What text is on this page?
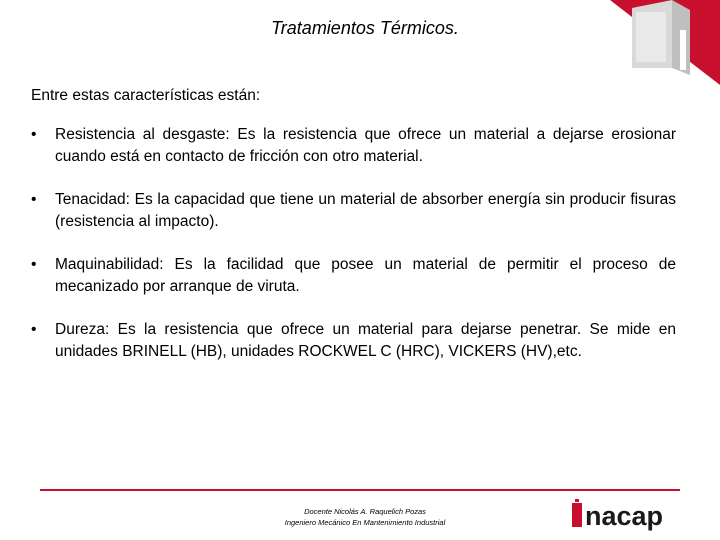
Tratamientos Térmicos.
Entre estas características están:
• Resistencia al desgaste: Es la resistencia que ofrece un material a dejarse erosionar cuando está en contacto de fricción con otro material.
• Tenacidad: Es la capacidad que tiene un material de absorber energía sin producir fisuras (resistencia al impacto).
• Maquinabilidad: Es la facilidad que posee un material de permitir el proceso de mecanizado por arranque de viruta.
• Dureza: Es la resistencia que ofrece un material para dejarse penetrar. Se mide en unidades BRINELL (HB), unidades ROCKWEL C (HRC), VICKERS (HV),etc.
Docente Nicolás A. Raquelich Pozas
Ingeniero Mecánico En Mantenimiento Industrial	nacap
